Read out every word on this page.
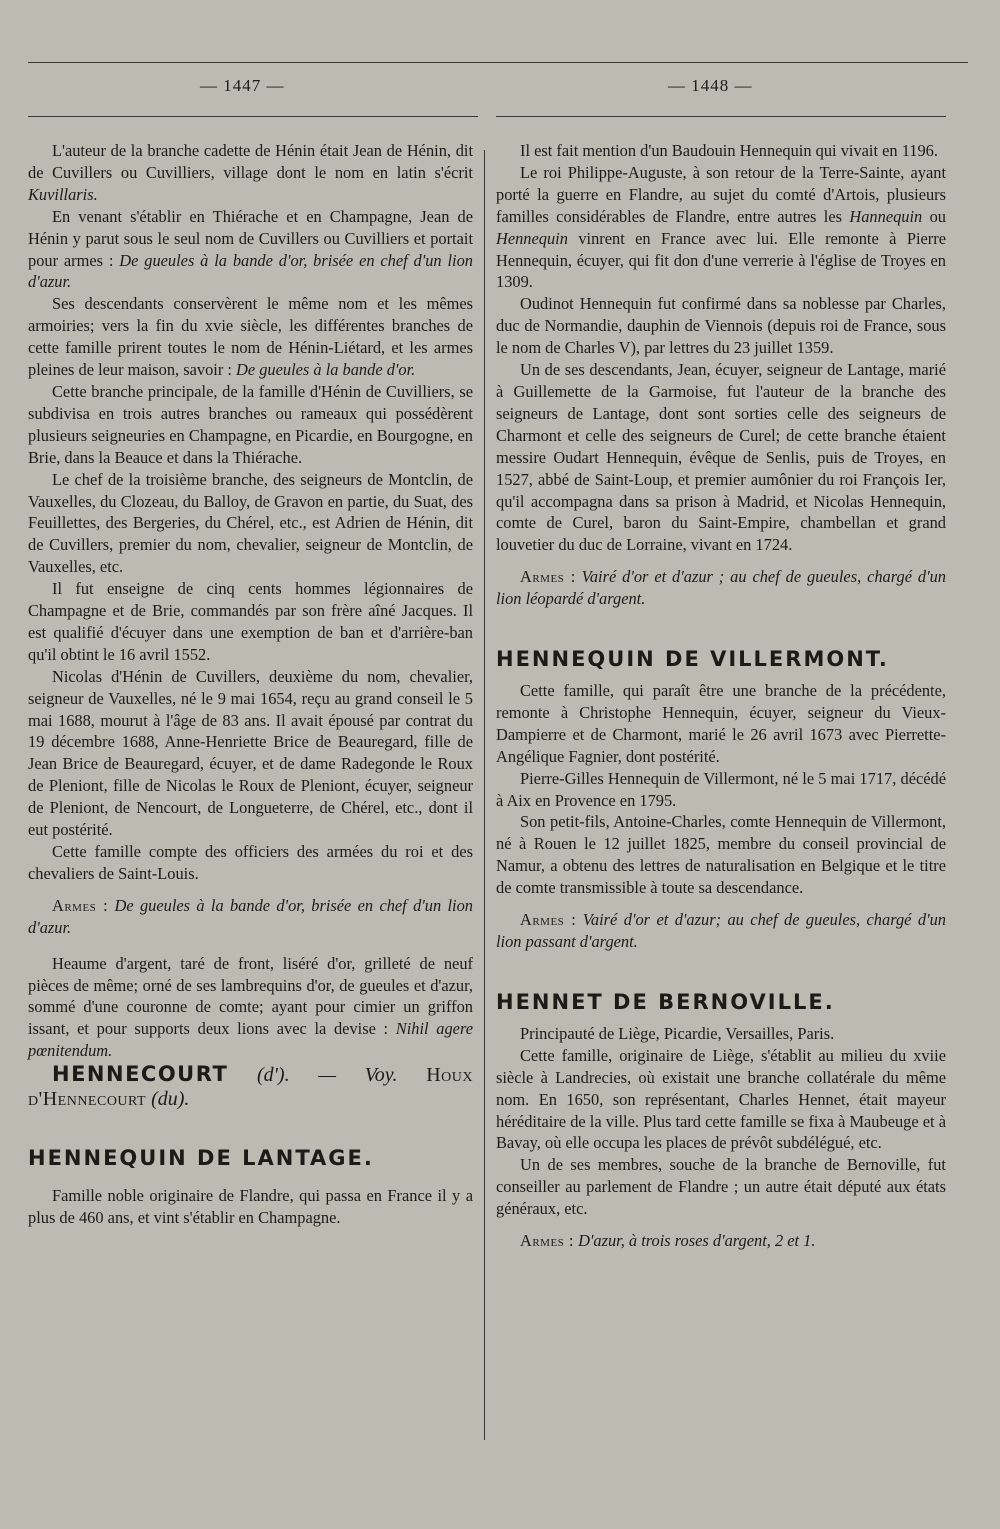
— 1447 —	— 1448 —

L'auteur de la branche cadette de Hénin était Jean de Hénin, dit de Cuvillers ou Cuvilliers, village dont le nom en latin s'écrit Kuvillaris.

En venant s'établir en Thiérache et en Champagne, Jean de Hénin y parut sous le seul nom de Cuvillers ou Cuvilliers et portait pour armes : De gueules à la bande d'or, brisée en chef d'un lion d'azur.

Ses descendants conservèrent le même nom et les mêmes armoiries; vers la fin du xvie siècle, les différentes branches de cette famille prirent toutes le nom de Hénin-Liétard, et les armes pleines de leur maison, savoir : De gueules à la bande d'or.

Cette branche principale, de la famille d'Hénin de Cuvilliers, se subdivisa en trois autres branches ou rameaux qui possédèrent plusieurs seigneuries en Champagne, en Picardie, en Bourgogne, en Brie, dans la Beauce et dans la Thiérache.

Le chef de la troisième branche, des seigneurs de Montclin, de Vauxelles, du Clozeau, du Balloy, de Gravon en partie, du Suat, des Feuillettes, des Bergeries, du Chérel, etc., est Adrien de Hénin, dit de Cuvillers, premier du nom, chevalier, seigneur de Montclin, de Vauxelles, etc.

Il fut enseigne de cinq cents hommes légionnaires de Champagne et de Brie, commandés par son frère aîné Jacques. Il est qualifié d'écuyer dans une exemption de ban et d'arrière-ban qu'il obtint le 16 avril 1552.

Nicolas d'Hénin de Cuvillers, deuxième du nom, chevalier, seigneur de Vauxelles, né le 9 mai 1654, reçu au grand conseil le 5 mai 1688, mourut à l'âge de 83 ans. Il avait épousé par contrat du 19 décembre 1688, Anne-Henriette Brice de Beauregard, fille de Jean Brice de Beauregard, écuyer, et de dame Radegonde le Roux de Pleniont, fille de Nicolas le Roux de Pleniont, écuyer, seigneur de Pleniont, de Nencourt, de Longueterre, de Chérel, etc., dont il eut postérité.

Cette famille compte des officiers des armées du roi et des chevaliers de Saint-Louis.

Armes : De gueules à la bande d'or, brisée en chef d'un lion d'azur.

Heaume d'argent, taré de front, liséré d'or, grilleté de neuf pièces de même; orné de ses lambrequins d'or, de gueules et d'azur, sommé d'une couronne de comte; ayant pour cimier un griffon issant, et pour supports deux lions avec la devise : Nihil agere pœnitendum.

HENNECOURT (d'). — Voy. Houx d'Hennecourt (du).

HENNEQUIN DE LANTAGE.

Famille noble originaire de Flandre, qui passa en France il y a plus de 460 ans, et vint s'établir en Champagne.

Il est fait mention d'un Baudouin Hennequin qui vivait en 1196.

Le roi Philippe-Auguste, à son retour de la Terre-Sainte, ayant porté la guerre en Flandre, au sujet du comté d'Artois, plusieurs familles considérables de Flandre, entre autres les Hannequin ou Hennequin vinrent en France avec lui. Elle remonte à Pierre Hennequin, écuyer, qui fit don d'une verrerie à l'église de Troyes en 1309.

Oudinot Hennequin fut confirmé dans sa noblesse par Charles, duc de Normandie, dauphin de Viennois (depuis roi de France, sous le nom de Charles V), par lettres du 23 juillet 1359.

Un de ses descendants, Jean, écuyer, seigneur de Lantage, marié à Guillemette de la Garmoise, fut l'auteur de la branche des seigneurs de Lantage, dont sont sorties celle des seigneurs de Charmont et celle des seigneurs de Curel; de cette branche étaient messire Oudart Hennequin, évêque de Senlis, puis de Troyes, en 1527, abbé de Saint-Loup, et premier aumônier du roi François Ier, qu'il accompagna dans sa prison à Madrid, et Nicolas Hennequin, comte de Curel, baron du Saint-Empire, chambellan et grand louvetier du duc de Lorraine, vivant en 1724.

Armes : Vairé d'or et d'azur ; au chef de gueules, chargé d'un lion léopardé d'argent.

HENNEQUIN DE VILLERMONT.

Cette famille, qui paraît être une branche de la précédente, remonte à Christophe Hennequin, écuyer, seigneur du Vieux-Dampierre et de Charmont, marié le 26 avril 1673 avec Pierrette-Angélique Fagnier, dont postérité.

Pierre-Gilles Hennequin de Villermont, né le 5 mai 1717, décédé à Aix en Provence en 1795.

Son petit-fils, Antoine-Charles, comte Hennequin de Villermont, né à Rouen le 12 juillet 1825, membre du conseil provincial de Namur, a obtenu des lettres de naturalisation en Belgique et le titre de comte transmissible à toute sa descendance.

Armes : Vairé d'or et d'azur; au chef de gueules, chargé d'un lion passant d'argent.

HENNET DE BERNOVILLE.

Principauté de Liège, Picardie, Versailles, Paris.

Cette famille, originaire de Liège, s'établit au milieu du xviie siècle à Landrecies, où existait une branche collatérale du même nom. En 1650, son représentant, Charles Hennet, était mayeur héréditaire de la ville. Plus tard cette famille se fixa à Maubeuge et à Bavay, où elle occupa les places de prévôt subdélégué, etc.

Un de ses membres, souche de la branche de Bernoville, fut conseiller au parlement de Flandre ; un autre était député aux états généraux, etc.

Armes : D'azur, à trois roses d'argent, 2 et 1.
